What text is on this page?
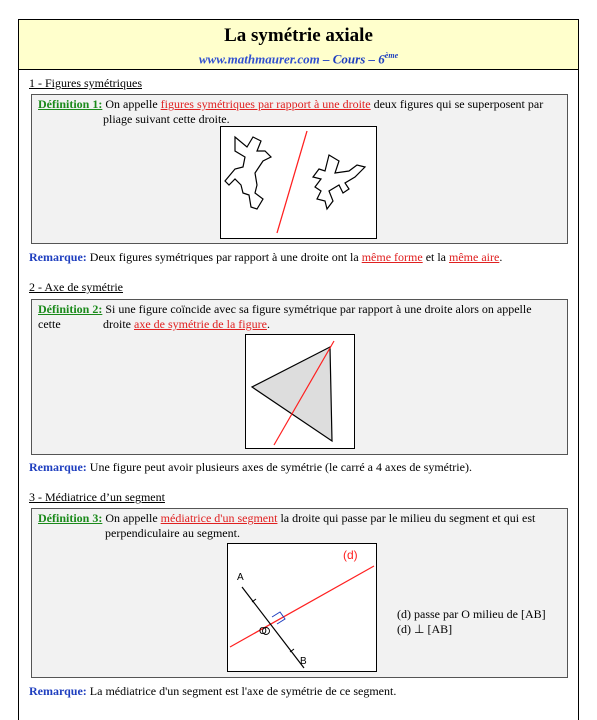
La symétrie axiale
www.mathmaurer.com – Cours – 6ème
1 - Figures symétriques
Définition 1: On appelle figures symétriques par rapport à une droite deux figures qui se superposent par
pliage suivant cette droite.
Remarque: Deux figures symétriques par rapport à une droite ont la même forme et la même aire.
2 - Axe de symétrie
Définition 2: Si une figure coïncide avec sa figure symétrique par rapport à une droite alors on appelle cette	droite axe de symétrie de la figure.
Remarque: Une figure peut avoir plusieurs axes de symétrie (le carré a 4 axes de symétrie).
3 - Médiatrice d’un segment
Définition 3: On appelle médiatrice d'un segment la droite qui passe par le milieu du segment et qui est
perpendiculaire au segment.
(d)
A
B
O
(d) passe par O milieu de [AB]
(d) ⊥ [AB]
Remarque: La médiatrice d'un segment est l'axe de symétrie de ce segment.
